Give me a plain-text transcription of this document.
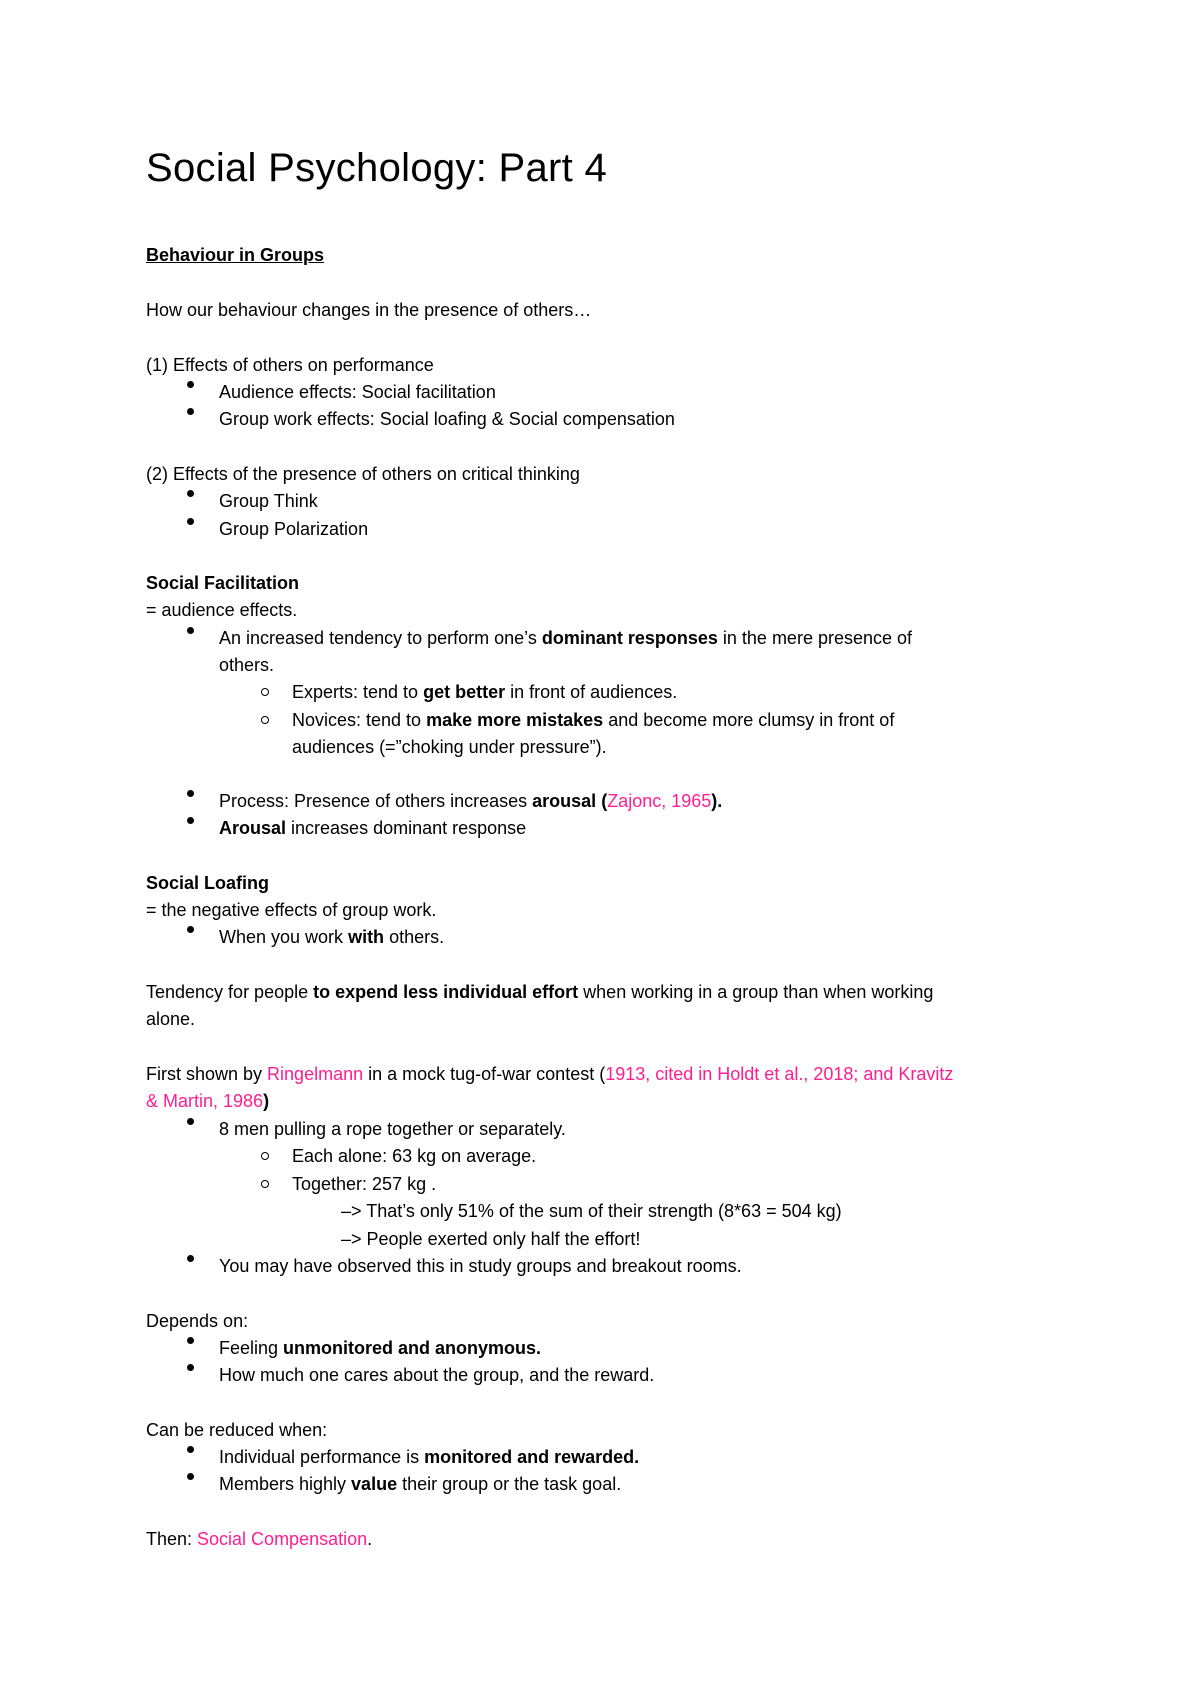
Social Psychology: Part 4
Behaviour in Groups
How our behaviour changes in the presence of others…
(1) Effects of others on performance
Audience effects: Social facilitation
Group work effects: Social loafing & Social compensation
(2) Effects of the presence of others on critical thinking
Group Think
Group Polarization
Social Facilitation
= audience effects.
An increased tendency to perform one’s dominant responses in the mere presence of
others.
Experts: tend to get better in front of audiences.
Novices: tend to make more mistakes and become more clumsy in front of
audiences (=”choking under pressure”).
Process: Presence of others increases arousal (Zajonc, 1965).
Arousal increases dominant response
Social Loafing
= the negative effects of group work.
When you work with others.
Tendency for people to expend less individual effort when working in a group than when working
alone.
First shown by Ringelmann in a mock tug-of-war contest (1913, cited in Holdt et al., 2018; and Kravitz
& Martin, 1986)
8 men pulling a rope together or separately.
Each alone: 63 kg on average.
Together: 257 kg .
–> That’s only 51% of the sum of their strength (8*63 = 504 kg)
–> People exerted only half the effort!
You may have observed this in study groups and breakout rooms.
Depends on:
Feeling unmonitored and anonymous.
How much one cares about the group, and the reward.
Can be reduced when:
Individual performance is monitored and rewarded.
Members highly value their group or the task goal.
Then: Social Compensation.
